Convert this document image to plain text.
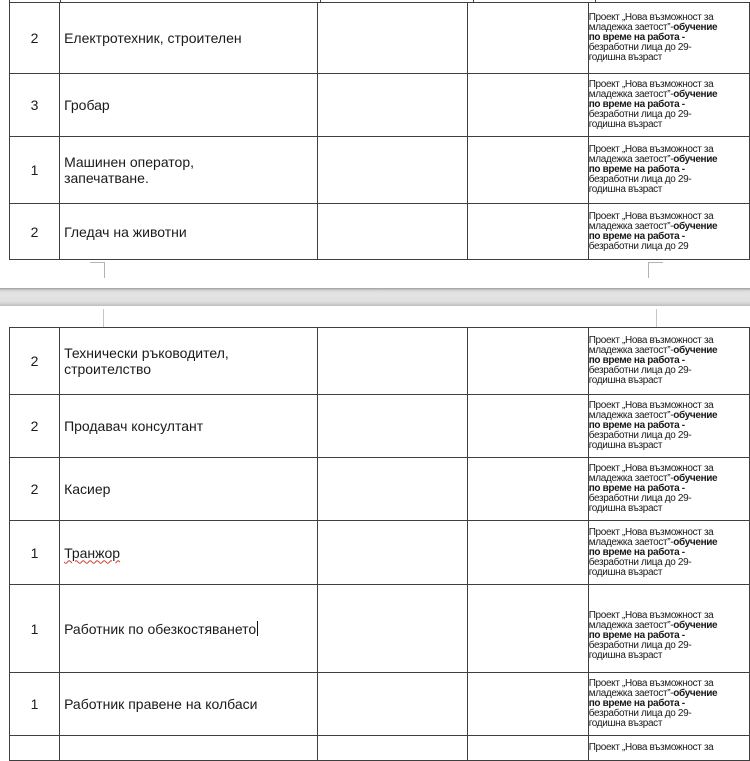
2	Електротехник, строителен			Проект „Нова възможност за
младежка заетост”-обучение
по време на работа -
безработни лица до 29-
годишна възраст

3	Гробар			Проект „Нова възможност за
младежка заетост”-обучение
по време на работа -
безработни лица до 29-
годишна възраст

1	Машинен оператор, запечатване.			Проект „Нова възможност за
младежка заетост”-обучение
по време на работа -
безработни лица до 29-
годишна възраст

2	Гледач на животни			Проект „Нова възможност за
младежка заетост”-обучение
по време на работа -
безработни лица до 29
2	Технически ръководител, строителство			Проект „Нова възможност за
младежка заетост”-обучение
по време на работа -
безработни лица до 29-
годишна възраст

2	Продавач консултант			Проект „Нова възможност за
младежка заетост”-обучение
по време на работа -
безработни лица до 29-
годишна възраст

2	Касиер			Проект „Нова възможност за
младежка заетост”-обучение
по време на работа -
безработни лица до 29-
годишна възраст

1	Транжор			Проект „Нова възможност за
младежка заетост”-обучение
по време на работа -
безработни лица до 29-
годишна възраст

1	Работник по обезкостяването			Проект „Нова възможност за
младежка заетост”-обучение
по време на работа -
безработни лица до 29-
годишна възраст

1	Работник правене на колбаси			Проект „Нова възможност за
младежка заетост”-обучение
по време на работа -
безработни лица до 29-
годишна възраст

				Проект „Нова възможност за
